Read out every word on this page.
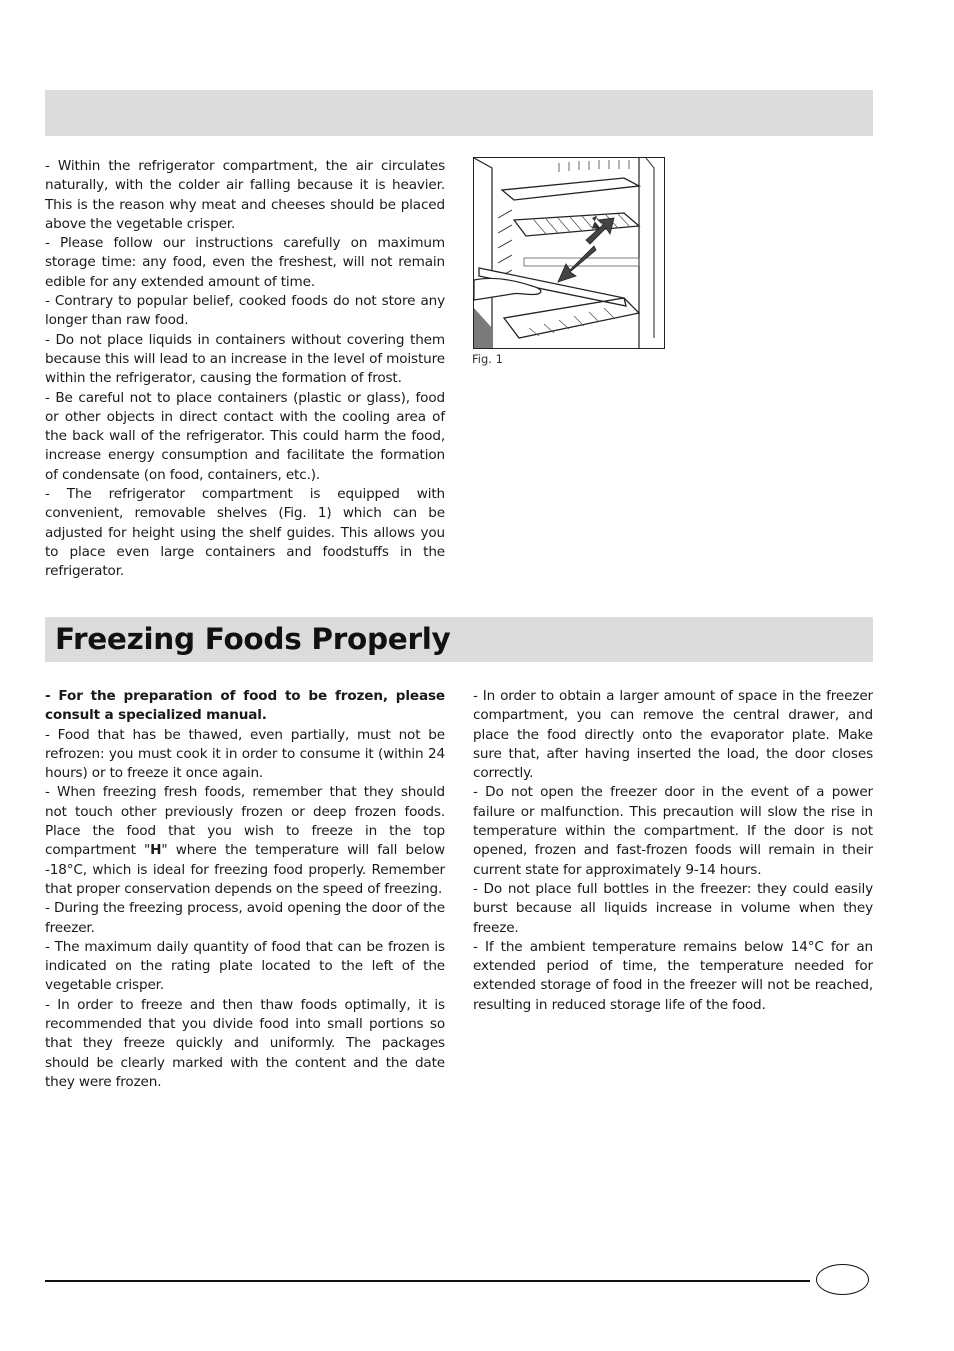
- Within the refrigerator compartment, the air circulates naturally, with the colder air falling because it is heavier. This is the reason why meat and cheeses should be placed above the vegetable crisper.

- Please follow our instructions carefully on maximum storage time: any food, even the freshest, will not remain edible for any extended amount of time.

- Contrary to popular belief, cooked foods do not store any longer than raw food.

- Do not place liquids in containers without covering them because this will lead to an increase in the level of moisture within the refrigerator, causing the formation of frost.

- Be careful not to place containers (plastic or glass), food or other objects in direct contact with the cooling area of the back wall of the refrigerator. This could harm the food, increase energy consumption and facilitate the formation of condensate (on food, containers, etc.).

- The refrigerator compartment is equipped with convenient, removable shelves (Fig. 1) which can be adjusted for height using the shelf guides. This allows you to place even large containers and foodstuffs in the refrigerator.

Fig. 1
Freezing Foods Properly

- For the preparation of food to be frozen, please consult a specialized manual.

- Food that has be thawed, even partially, must not be refrozen: you must cook it in order to consume it (within 24 hours) or to freeze it once again.

- When freezing fresh foods, remember that they should not touch other previously frozen or deep frozen foods. Place the food that you wish to freeze in the top compartment "H" where the temperature will fall below -18°C, which is ideal for freezing food properly. Remember that proper conservation depends on the speed of freezing.

- During the freezing process, avoid opening the door of the freezer.

- The maximum daily quantity of food that can be frozen is indicated on the rating plate located to the left of the vegetable crisper.

- In order to freeze and then thaw foods optimally, it is recommended that you divide food into small portions so that they freeze quickly and uniformly. The packages should be clearly marked with the content and the date they were frozen.

- In order to obtain a larger amount of space in the freezer compartment, you can remove the central drawer, and place the food directly onto the evaporator plate. Make sure that, after having inserted the load, the door closes correctly.

- Do not open the freezer door in the event of a power failure or malfunction. This precaution will slow the rise in temperature within the compartment. If the door is not opened, frozen and fast-frozen foods will remain in their current state for approximately 9-14 hours.

- Do not place full bottles in the freezer: they could easily burst because all liquids increase in volume when they freeze.

- If the ambient temperature remains below 14°C for an extended period of time, the temperature needed for extended storage of food in the freezer will not be reached, resulting in reduced storage life of the food.
